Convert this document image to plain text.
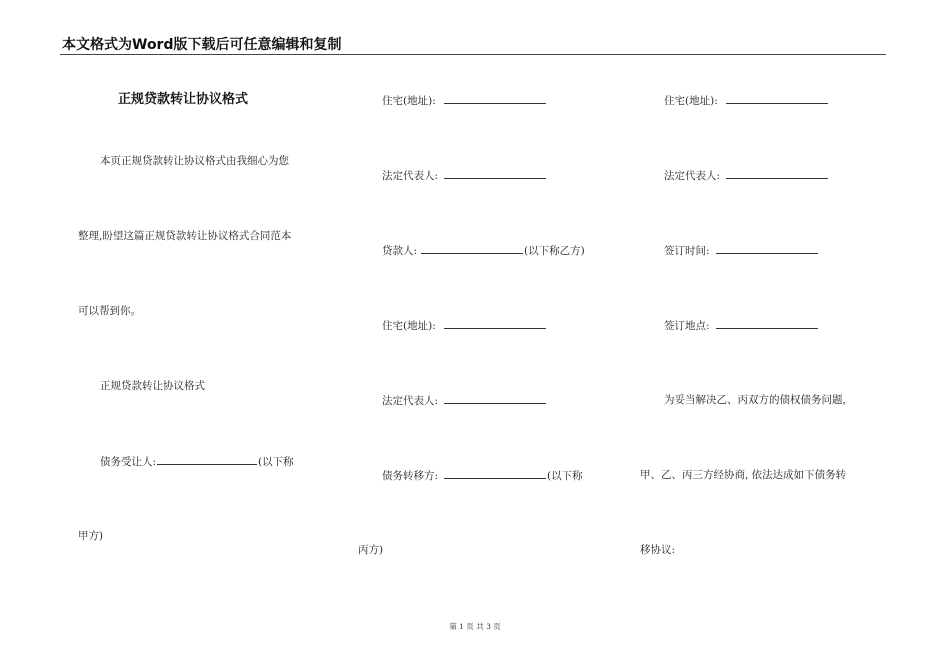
本文格式为Word版下载后可任意编辑和复制
正规贷款转让协议格式
本页正规贷款转让协议格式由我细心为您
整理,盼望这篇正规贷款转让协议格式合同范本
可以帮到你。
正规贷款转让协议格式
债务受让人:	(以下称
甲方)
住宅(地址):
法定代表人:
贷款人:	(以下称乙方)
住宅(地址):
法定代表人:
债务转移方:	(以下称
丙方)
住宅(地址):
法定代表人:
签订时间:
签订地点:
为妥当解决乙、丙双方的债权债务问题,
甲、乙、丙三方经协商, 依法达成如下债务转
移协议:
第 1 页 共 3 页
